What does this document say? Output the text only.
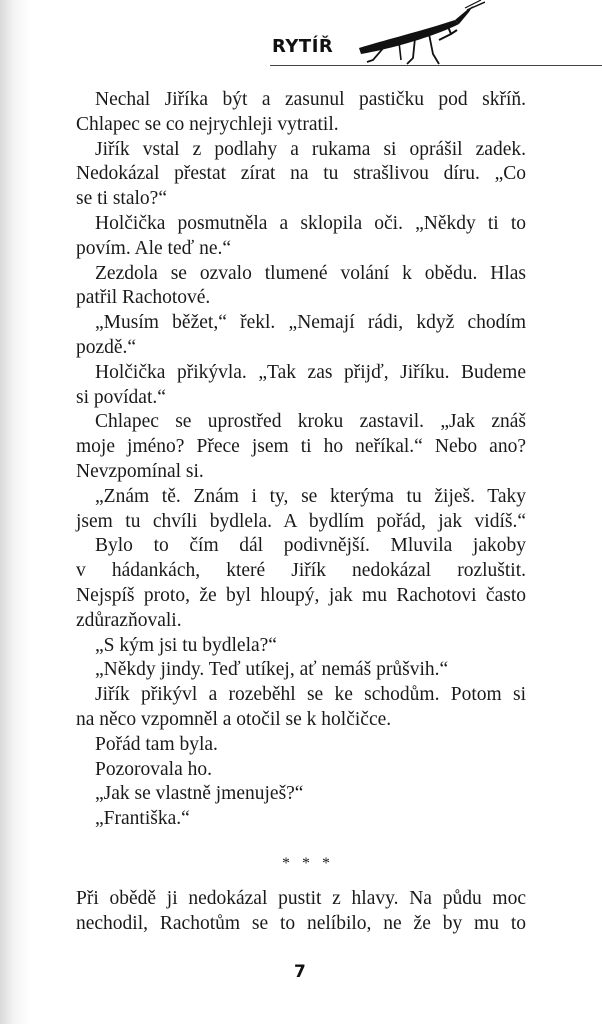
RYTÍŘ
Nechal Jiříka být a zasunul pastičku pod skříň.
Chlapec se co nejrychleji vytratil.
Jiřík vstal z podlahy a rukama si oprášil zadek.
Nedokázal přestat zírat na tu strašlivou díru. „Co
se ti stalo?“
Holčička posmutněla a sklopila oči. „Někdy ti to
povím. Ale teď ne.“
Zezdola se ozvalo tlumené volání k obědu. Hlas
patřil Rachotové.
„Musím běžet,“ řekl. „Nemají rádi, když chodím
pozdě.“
Holčička přikývla. „Tak zas přijď, Jiříku. Budeme
si povídat.“
Chlapec se uprostřed kroku zastavil. „Jak znáš
moje jméno? Přece jsem ti ho neříkal.“ Nebo ano?
Nevzpomínal si.
„Znám tě. Znám i ty, se kterýma tu žiješ. Taky
jsem tu chvíli bydlela. A bydlím pořád, jak vidíš.“
Bylo to čím dál podivnější. Mluvila jakoby
v hádankách, které Jiřík nedokázal rozluštit.
Nejspíš proto, že byl hloupý, jak mu Rachotovi často
zdůrazňovali.
„S kým jsi tu bydlela?“
„Někdy jindy. Teď utíkej, ať nemáš průšvih.“
Jiřík přikývl a rozeběhl se ke schodům. Potom si
na něco vzpomněl a otočil se k holčičce.
Pořád tam byla.
Pozorovala ho.
„Jak se vlastně jmenuješ?“
„Františka.“
* * *
Při obědě ji nedokázal pustit z hlavy. Na půdu moc
nechodil, Rachotům se to nelíbilo, ne že by mu to
7
